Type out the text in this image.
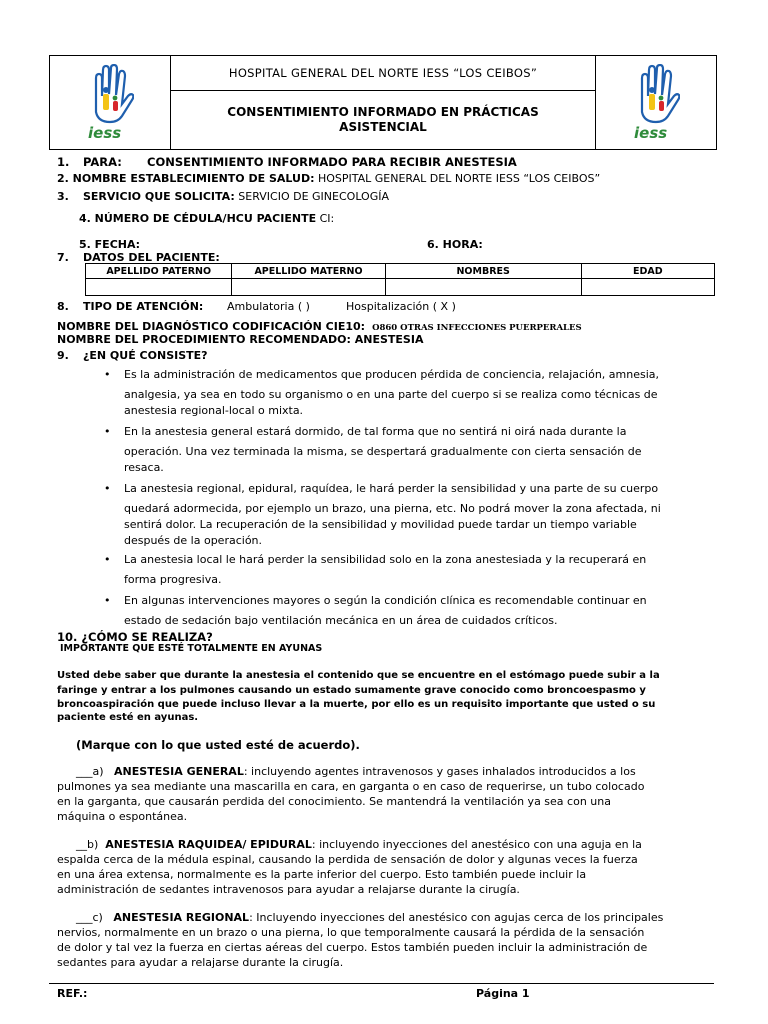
iess
HOSPITAL GENERAL DEL NORTE IESS “LOS CEIBOS”
CONSENTIMIENTO INFORMADO EN PRÁCTICAS
ASISTENCIAL	iess
1. PARA: CONSENTIMIENTO INFORMADO PARA RECIBIR ANESTESIA
2. NOMBRE ESTABLECIMIENTO DE SALUD: HOSPITAL GENERAL DEL NORTE IESS “LOS CEIBOS”
3. SERVICIO QUE SOLICITA: SERVICIO DE GINECOLOGÍA
4. NÚMERO DE CÉDULA/HCU PACIENTE CI:
5. FECHA:	6. HORA:
7. DATOS DEL PACIENTE:
APELLIDO PATERNO	APELLIDO MATERNO	NOMBRES	EDAD

8. TIPO DE ATENCIÓN: Ambulatoria ( )	Hospitalización ( X )
NOMBRE DEL DIAGNÓSTICO CODIFICACIÓN CIE10: O860 OTRAS INFECCIONES PUERPERALES
NOMBRE DEL PROCEDIMIENTO RECOMENDADO: ANESTESIA
9. ¿EN QUÉ CONSISTE?
• Es la administración de medicamentos que producen pérdida de conciencia, relajación, amnesia,
analgesia, ya sea en todo su organismo o en una parte del cuerpo si se realiza como técnicas de
anestesia regional-local o mixta.
• En la anestesia general estará dormido, de tal forma que no sentirá ni oirá nada durante la
operación. Una vez terminada la misma, se despertará gradualmente con cierta sensación de
resaca.
• La anestesia regional, epidural, raquídea, le hará perder la sensibilidad y una parte de su cuerpo
quedará adormecida, por ejemplo un brazo, una pierna, etc. No podrá mover la zona afectada, ni
sentirá dolor. La recuperación de la sensibilidad y movilidad puede tardar un tiempo variable
después de la operación.
• La anestesia local le hará perder la sensibilidad solo en la zona anestesiada y la recuperará en
forma progresiva.
• En algunas intervenciones mayores o según la condición clínica es recomendable continuar en
estado de sedación bajo ventilación mecánica en un área de cuidados críticos.
10. ¿CÓMO SE REALIZA?
IMPORTANTE QUE ESTÉ TOTALMENTE EN AYUNAS
Usted debe saber que durante la anestesia el contenido que se encuentre en el estómago puede subir a la
faringe y entrar a los pulmones causando un estado sumamente grave conocido como broncoespasmo y
broncoaspiración que puede incluso llevar a la muerte, por ello es un requisito importante que usted o su
paciente esté en ayunas.
(Marque con lo que usted esté de acuerdo).
___a) ANESTESIA GENERAL: incluyendo agentes intravenosos y gases inhalados introducidos a los
pulmones ya sea mediante una mascarilla en cara, en garganta o en caso de requerirse, un tubo colocado
en la garganta, que causarán perdida del conocimiento. Se mantendrá la ventilación ya sea con una
máquina o espontánea.
__b) ANESTESIA RAQUIDEA/ EPIDURAL: incluyendo inyecciones del anestésico con una aguja en la
espalda cerca de la médula espinal, causando la perdida de sensación de dolor y algunas veces la fuerza
en una área extensa, normalmente es la parte inferior del cuerpo. Esto también puede incluir la
administración de sedantes intravenosos para ayudar a relajarse durante la cirugía.
___c) ANESTESIA REGIONAL: Incluyendo inyecciones del anestésico con agujas cerca de los principales
nervios, normalmente en un brazo o una pierna, lo que temporalmente causará la pérdida de la sensación
de dolor y tal vez la fuerza en ciertas aéreas del cuerpo. Estos también pueden incluir la administración de
sedantes para ayudar a relajarse durante la cirugía.
REF.:	Página 1
